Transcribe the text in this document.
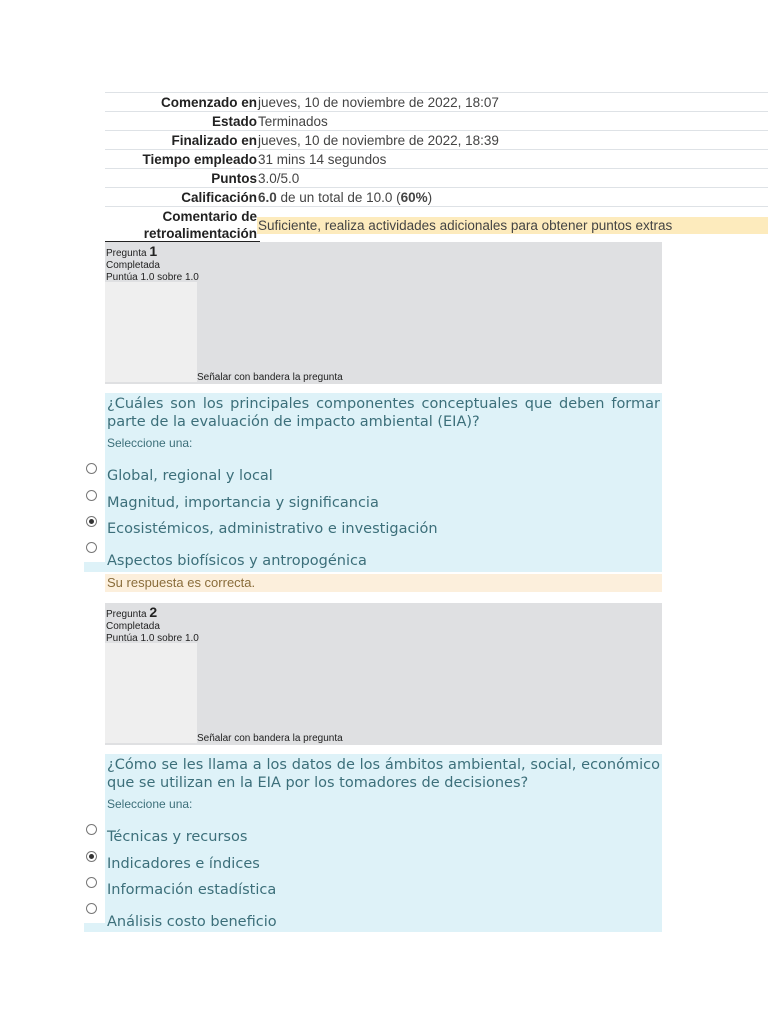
Comenzado en jueves, 10 de noviembre de 2022, 18:07
Estado Terminados
Finalizado en jueves, 10 de noviembre de 2022, 18:39
Tiempo empleado 31 mins 14 segundos
Puntos 3.0/5.0
Calificación 6.0 de un total de 10.0 (60%)
Comentario de retroalimentación Suficiente, realiza actividades adicionales para obtener puntos extras
Pregunta 1
Completada
Puntúa 1.0 sobre 1.0
Señalar con bandera la pregunta
¿Cuáles son los principales componentes conceptuales que deben formar parte de la evaluación de impacto ambiental (EIA)?
Seleccione una:
Global, regional y local
Magnitud, importancia y significancia
Ecosistémicos, administrativo e investigación
Aspectos biofísicos y antropogénica
Su respuesta es correcta.
Pregunta 2
Completada
Puntúa 1.0 sobre 1.0
Señalar con bandera la pregunta
¿Cómo se les llama a los datos de los ámbitos ambiental, social, económico que se utilizan en la EIA por los tomadores de decisiones?
Seleccione una:
Técnicas y recursos
Indicadores e índices
Información estadística
Análisis costo beneficio
